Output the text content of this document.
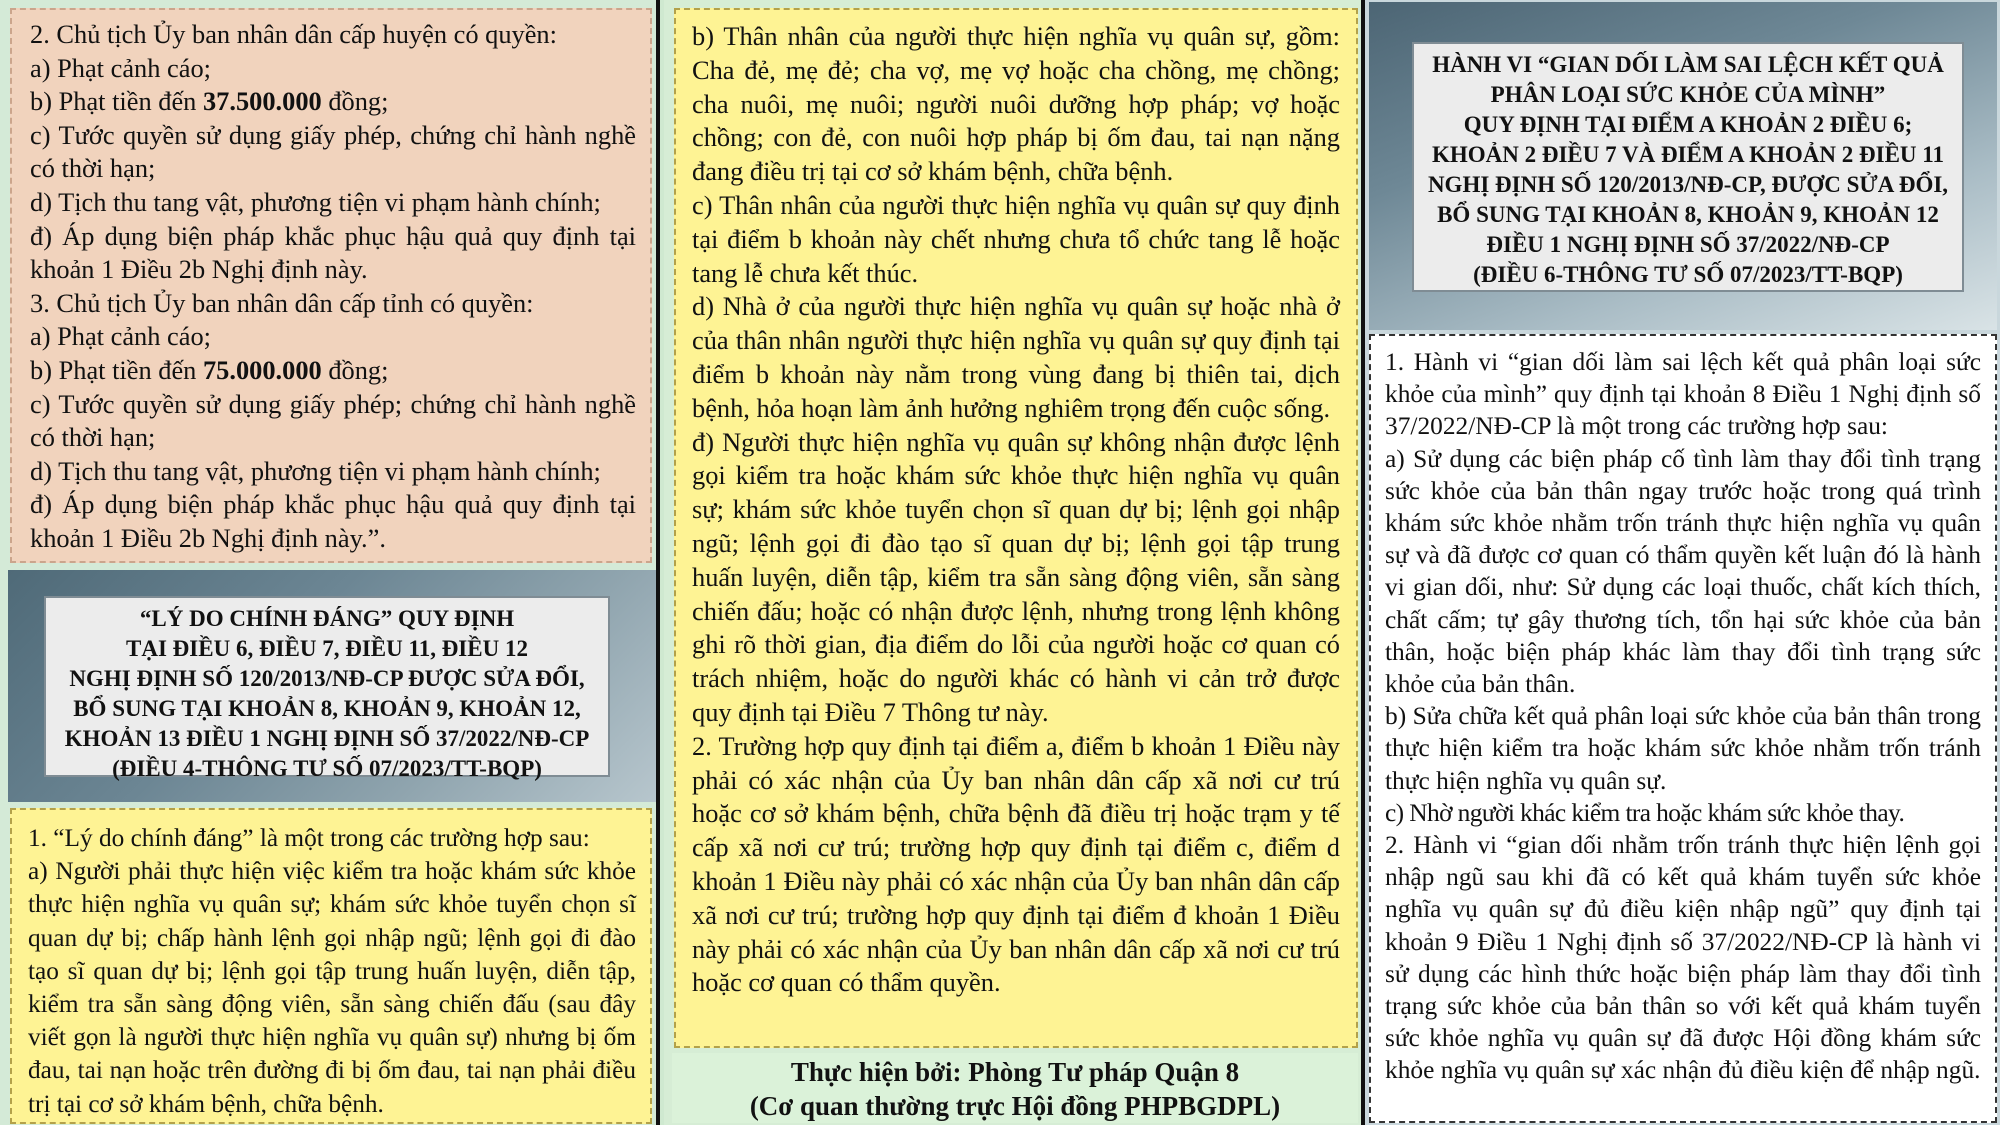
2. Chủ tịch Ủy ban nhân dân cấp huyện có quyền:

a) Phạt cảnh cáo;

b) Phạt tiền đến 37.500.000 đồng;

c) Tước quyền sử dụng giấy phép, chứng chỉ hành nghề có thời hạn;

d) Tịch thu tang vật, phương tiện vi phạm hành chính;

đ) Áp dụng biện pháp khắc phục hậu quả quy định tại khoản 1 Điều 2b Nghị định này.

3. Chủ tịch Ủy ban nhân dân cấp tỉnh có quyền:

a) Phạt cảnh cáo;

b) Phạt tiền đến 75.000.000 đồng;

c) Tước quyền sử dụng giấy phép; chứng chỉ hành nghề có thời hạn;

d) Tịch thu tang vật, phương tiện vi phạm hành chính;

đ) Áp dụng biện pháp khắc phục hậu quả quy định tại khoản 1 Điều 2b Nghị định này.”.

“LÝ DO CHÍNH ĐÁNG” QUY ĐỊNH
TẠI ĐIỀU 6, ĐIỀU 7, ĐIỀU 11, ĐIỀU 12
NGHỊ ĐỊNH SỐ 120/2013/NĐ-CP ĐƯỢC SỬA ĐỔI,
BỔ SUNG TẠI KHOẢN 8, KHOẢN 9, KHOẢN 12,
KHOẢN 13 ĐIỀU 1 NGHỊ ĐỊNH SỐ 37/2022/NĐ-CP
(ĐIỀU 4-THÔNG TƯ SỐ 07/2023/TT-BQP)

1. “Lý do chính đáng” là một trong các trường hợp sau:

a) Người phải thực hiện việc kiểm tra hoặc khám sức khỏe thực hiện nghĩa vụ quân sự; khám sức khỏe tuyển chọn sĩ quan dự bị; chấp hành lệnh gọi nhập ngũ; lệnh gọi đi đào tạo sĩ quan dự bị; lệnh gọi tập trung huấn luyện, diễn tập, kiểm tra sẵn sàng động viên, sẵn sàng chiến đấu (sau đây viết gọn là người thực hiện nghĩa vụ quân sự) nhưng bị ốm đau, tai nạn hoặc trên đường đi bị ốm đau, tai nạn phải điều trị tại cơ sở khám bệnh, chữa bệnh.

b) Thân nhân của người thực hiện nghĩa vụ quân sự, gồm: Cha đẻ, mẹ đẻ; cha vợ, mẹ vợ hoặc cha chồng, mẹ chồng; cha nuôi, mẹ nuôi; người nuôi dưỡng hợp pháp; vợ hoặc chồng; con đẻ, con nuôi hợp pháp bị ốm đau, tai nạn nặng đang điều trị tại cơ sở khám bệnh, chữa bệnh.

c) Thân nhân của người thực hiện nghĩa vụ quân sự quy định tại điểm b khoản này chết nhưng chưa tổ chức tang lễ hoặc tang lễ chưa kết thúc.

d) Nhà ở của người thực hiện nghĩa vụ quân sự hoặc nhà ở của thân nhân người thực hiện nghĩa vụ quân sự quy định tại điểm b khoản này nằm trong vùng đang bị thiên tai, dịch bệnh, hỏa hoạn làm ảnh hưởng nghiêm trọng đến cuộc sống.

đ) Người thực hiện nghĩa vụ quân sự không nhận được lệnh gọi kiểm tra hoặc khám sức khỏe thực hiện nghĩa vụ quân sự; khám sức khỏe tuyển chọn sĩ quan dự bị; lệnh gọi nhập ngũ; lệnh gọi đi đào tạo sĩ quan dự bị; lệnh gọi tập trung huấn luyện, diễn tập, kiểm tra sẵn sàng động viên, sẵn sàng chiến đấu; hoặc có nhận được lệnh, nhưng trong lệnh không ghi rõ thời gian, địa điểm do lỗi của người hoặc cơ quan có trách nhiệm, hoặc do người khác có hành vi cản trở được quy định tại Điều 7 Thông tư này.

2. Trường hợp quy định tại điểm a, điểm b khoản 1 Điều này phải có xác nhận của Ủy ban nhân dân cấp xã nơi cư trú hoặc cơ sở khám bệnh, chữa bệnh đã điều trị hoặc trạm y tế cấp xã nơi cư trú; trường hợp quy định tại điểm c, điểm d khoản 1 Điều này phải có xác nhận của Ủy ban nhân dân cấp xã nơi cư trú; trường hợp quy định tại điểm đ khoản 1 Điều này phải có xác nhận của Ủy ban nhân dân cấp xã nơi cư trú hoặc cơ quan có thẩm quyền.

Thực hiện bởi: Phòng Tư pháp Quận 8
(Cơ quan thường trực Hội đồng PHPBGDPL)
HÀNH VI “GIAN DỐI LÀM SAI LỆCH KẾT QUẢ
PHÂN LOẠI SỨC KHỎE CỦA MÌNH”
QUY ĐỊNH TẠI ĐIỂM A KHOẢN 2 ĐIỀU 6;
KHOẢN 2 ĐIỀU 7 VÀ ĐIỂM A KHOẢN 2 ĐIỀU 11
NGHỊ ĐỊNH SỐ 120/2013/NĐ-CP, ĐƯỢC SỬA ĐỔI,
BỔ SUNG TẠI KHOẢN 8, KHOẢN 9, KHOẢN 12
ĐIỀU 1 NGHỊ ĐỊNH SỐ 37/2022/NĐ-CP
(ĐIỀU 6-THÔNG TƯ SỐ 07/2023/TT-BQP)

1. Hành vi “gian dối làm sai lệch kết quả phân loại sức khỏe của mình” quy định tại khoản 8 Điều 1 Nghị định số 37/2022/NĐ-CP là một trong các trường hợp sau:

a) Sử dụng các biện pháp cố tình làm thay đổi tình trạng sức khỏe của bản thân ngay trước hoặc trong quá trình khám sức khỏe nhằm trốn tránh thực hiện nghĩa vụ quân sự và đã được cơ quan có thẩm quyền kết luận đó là hành vi gian dối, như: Sử dụng các loại thuốc, chất kích thích, chất cấm; tự gây thương tích, tổn hại sức khỏe của bản thân, hoặc biện pháp khác làm thay đổi tình trạng sức khỏe của bản thân.

b) Sửa chữa kết quả phân loại sức khỏe của bản thân trong thực hiện kiểm tra hoặc khám sức khỏe nhằm trốn tránh thực hiện nghĩa vụ quân sự.

c) Nhờ người khác kiểm tra hoặc khám sức khỏe thay.

2. Hành vi “gian dối nhằm trốn tránh thực hiện lệnh gọi nhập ngũ sau khi đã có kết quả khám tuyển sức khỏe nghĩa vụ quân sự đủ điều kiện nhập ngũ” quy định tại khoản 9 Điều 1 Nghị định số 37/2022/NĐ-CP là hành vi sử dụng các hình thức hoặc biện pháp làm thay đổi tình trạng sức khỏe của bản thân so với kết quả khám tuyển sức khỏe nghĩa vụ quân sự đã được Hội đồng khám sức khỏe nghĩa vụ quân sự xác nhận đủ điều kiện để nhập ngũ.
